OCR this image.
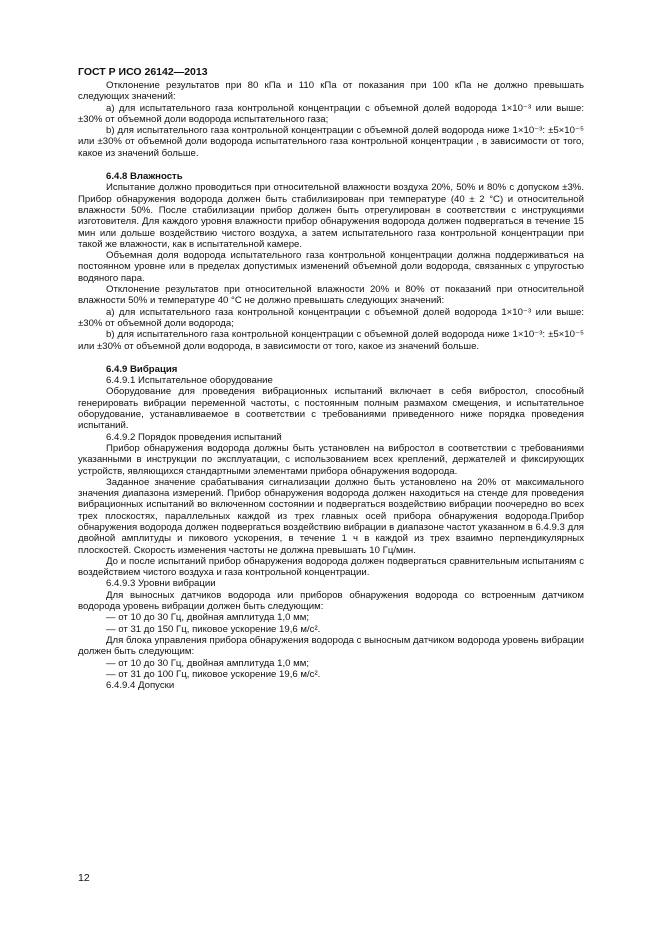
ГОСТ Р ИСО 26142—2013

Отклонение результатов при 80 кПа и 110 кПа от показания при 100 кПа не должно превышать следующих значений:

а) для испытательного газа контрольной концентрации с объемной долей водорода 1×10⁻³ или выше: ±30% от объемной доли водорода испытательного газа;

b) для испытательного газа контрольной концентрации с объемной долей водорода ниже 1×10⁻³: ±5×10⁻⁵ или ±30% от объемной доли водорода испытательного газа контрольной концентрации , в зависимости от того, какое из значений больше.

6.4.8 Влажность

Испытание должно проводиться при относительной влажности воздуха 20%, 50% и 80% с допуском ±3%. Прибор обнаружения водорода должен быть стабилизирован при температуре (40 ± 2 °С) и относительной влажности 50%. После стабилизации прибор должен быть отрегулирован в соответствии с инструкциями изготовителя. Для каждого уровня влажности прибор обнаружения водорода должен подвергаться в течение 15 мин или дольше воздействию чистого воздуха, а затем испытательного газа контрольной концентрации при такой же влажности, как в испытательной камере.

Объемная доля водорода испытательного газа контрольной концентрации должна поддерживаться на постоянном уровне или в пределах допустимых изменений объемной доли водорода, связанных с упругостью водяного пара.

Отклонение результатов при относительной влажности 20% и 80% от показаний при относительной влажности 50% и температуре 40 °С не должно превышать следующих значений:

а) для испытательного газа контрольной концентрации с объемной долей водорода 1×10⁻³ или выше: ±30% от объемной доли водорода;

b) для испытательного газа контрольной концентрации с объемной долей водорода ниже 1×10⁻³: ±5×10⁻⁵ или ±30% от объемной доли водорода, в зависимости от того, какое из значений больше.

6.4.9 Вибрация

6.4.9.1 Испытательное оборудование

Оборудование для проведения вибрационных испытаний включает в себя вибростол, способный генерировать вибрации переменной частоты, с постоянным полным размахом смещения, и испытательное оборудование, устанавливаемое в соответствии с требованиями приведенного ниже порядка проведения испытаний.

6.4.9.2 Порядок проведения испытаний

Прибор обнаружения водорода должны быть установлен на вибростол в соответствии с требованиями указанными в инструкции по эксплуатации, с использованием всех креплений, держателей и фиксирующих устройств, являющихся стандартными элементами прибора обнаружения водорода.

Заданное значение срабатывания сигнализации должно быть установлено на 20% от максимального значения диапазона измерений. Прибор обнаружения водорода должен находиться на стенде для проведения вибрационных испытаний во включенном состоянии и подвергаться воздействию вибрации поочередно во всех трех плоскостях, параллельных каждой из трех главных осей прибора обнаружения водорода.Прибор обнаружения водорода должен подвергаться воздействию вибрации в диапазоне частот указанном в 6.4.9.3 для двойной амплитуды и пикового ускорения, в течение 1 ч в каждой из трех взаимно перпендикулярных плоскостей. Скорость изменения частоты не должна превышать 10 Гц/мин.

До и после испытаний прибор обнаружения водорода должен подвергаться сравнительным испытаниям с воздействием чистого воздуха и газа контрольной концентрации.

6.4.9.3 Уровни вибрации

Для выносных датчиков водорода или приборов обнаружения водорода со встроенным датчиком водорода уровень вибрации должен быть следующим:

— от 10 до 30 Гц, двойная амплитуда 1,0 мм;

— от 31 до 150 Гц, пиковое ускорение 19,6 м/с².

Для блока управления прибора обнаружения водорода с выносным датчиком водорода уровень вибрации должен быть следующим:

— от 10 до 30 Гц, двойная амплитуда 1,0 мм;

— от 31 до 100 Гц, пиковое ускорение 19,6 м/с².

6.4.9.4 Допуски

12
